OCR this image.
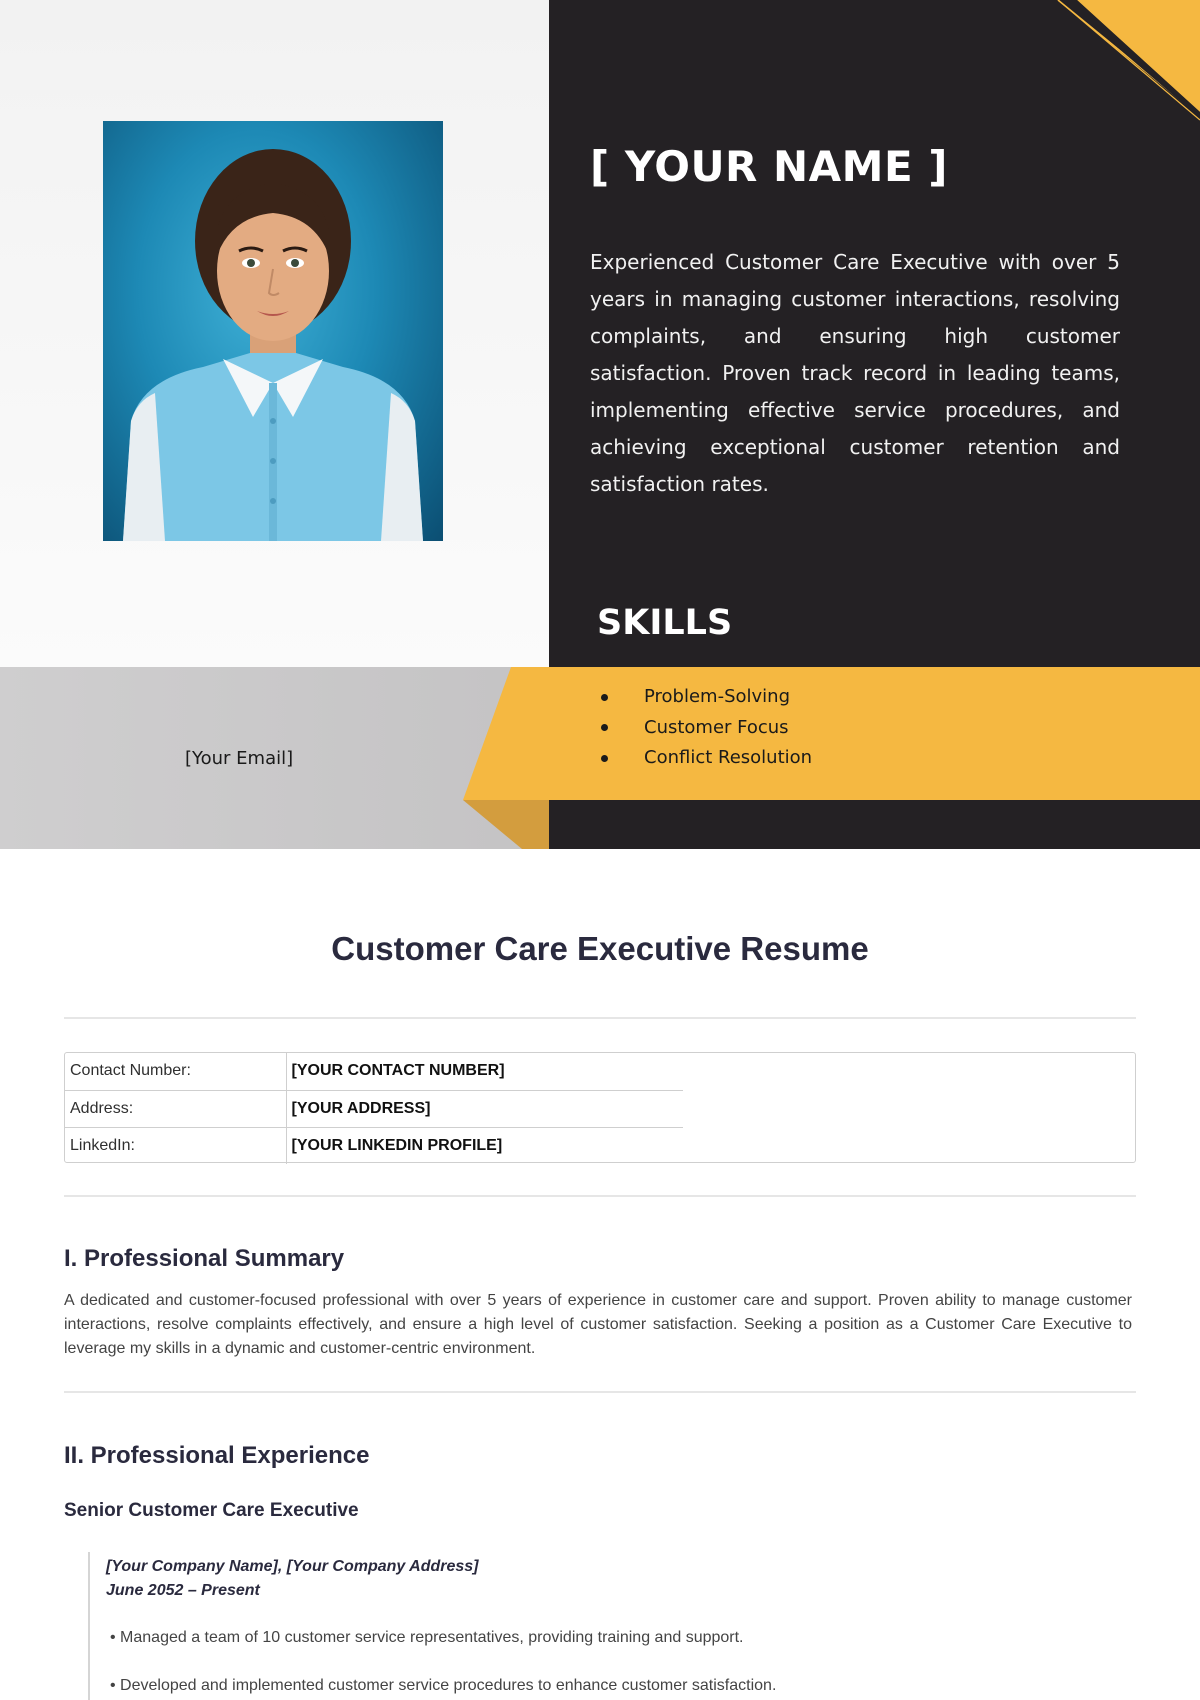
[ YOUR NAME ]
Experienced Customer Care Executive with over 5 years in managing customer interactions, resolving complaints, and ensuring high customer satisfaction. Proven track record in leading teams, implementing effective service procedures, and achieving exceptional customer retention and satisfaction rates.
SKILLS
Problem-Solving
Customer Focus
Conflict Resolution
[Your Email]
Customer Care Executive Resume
Contact Number:	[YOUR CONTACT NUMBER]
Address:	[YOUR ADDRESS]
LinkedIn:	[YOUR LINKEDIN PROFILE]
I. Professional Summary
A dedicated and customer-focused professional with over 5 years of experience in customer care and support. Proven ability to manage customer interactions, resolve complaints effectively, and ensure a high level of customer satisfaction. Seeking a position as a Customer Care Executive to leverage my skills in a dynamic and customer-centric environment.
II. Professional Experience
Senior Customer Care Executive
[Your Company Name], [Your Company Address]
June 2052 – Present
• Managed a team of 10 customer service representatives, providing training and support.
• Developed and implemented customer service procedures to enhance customer satisfaction.
